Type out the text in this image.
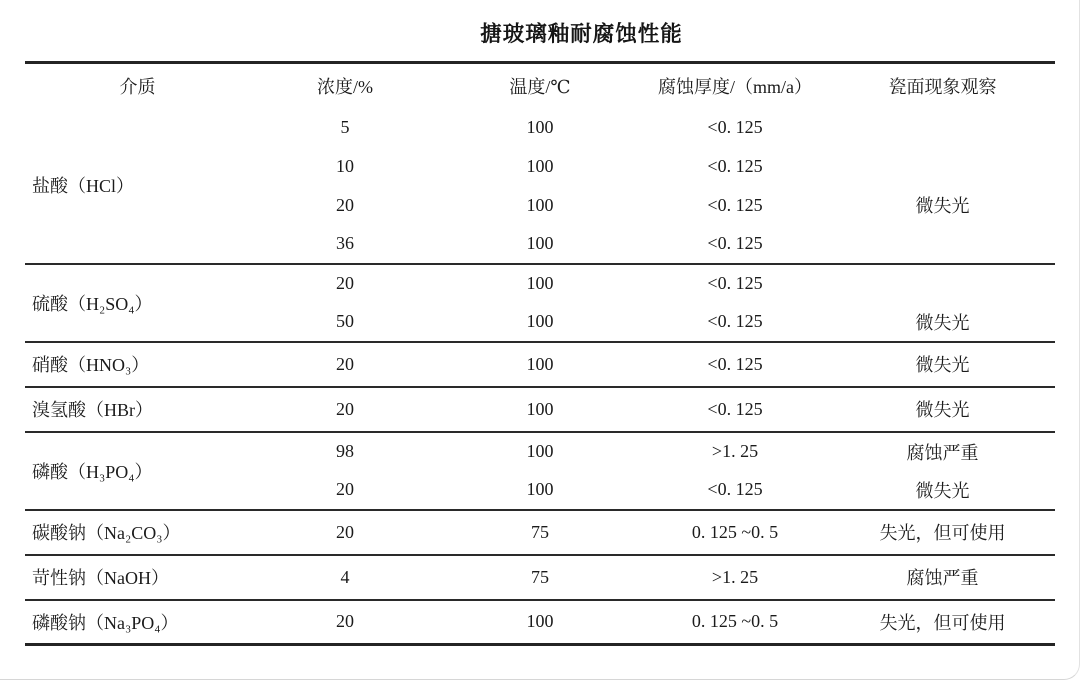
搪玻璃釉耐腐蚀性能
介质	浓度/%	温度/℃	腐蚀厚度/（mm/a）	瓷面现象观察
盐酸（HCl）	5	100	<0. 125	
	10	100	<0. 125	
	20	100	<0. 125	微失光
	36	100	<0. 125	
硫酸（H₂SO₄）	20	100	<0. 125	
	50	100	<0. 125	微失光
硝酸（HNO₃）	20	100	<0. 125	微失光
溴氢酸（HBr）	20	100	<0. 125	微失光
磷酸（H₃PO₄）	98	100	>1. 25	腐蚀严重
	20	100	<0. 125	微失光
碳酸钠（Na₂CO₃）	20	75	0. 125 ~0. 5	失光，但可使用
苛性钠（NaOH）	4	75	>1. 25	腐蚀严重
磷酸钠（Na₃PO₄）	20	100	0. 125 ~0. 5	失光，但可使用
